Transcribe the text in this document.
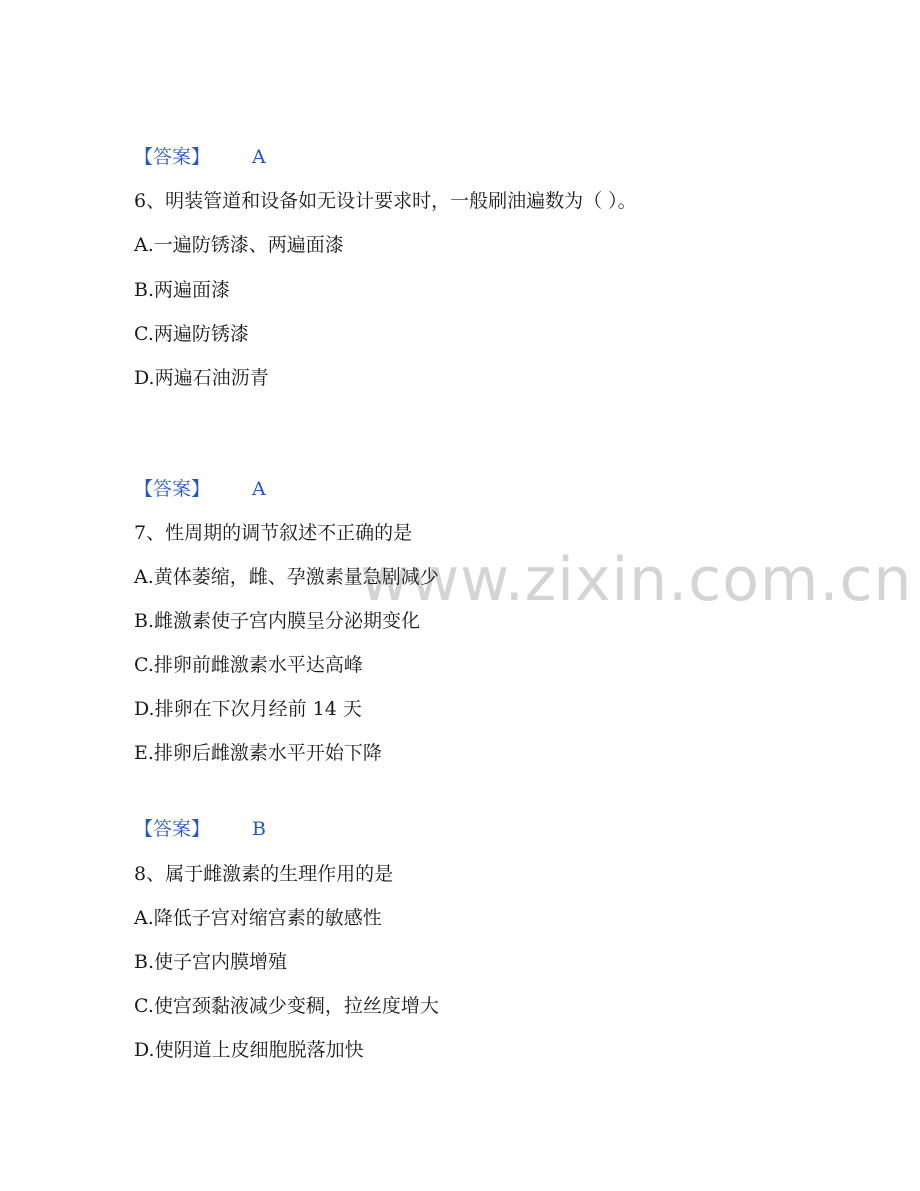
www.zixin.com.cn
【答案】 A
6、明装管道和设备如无设计要求时，一般刷油遍数为（ ）。
A.一遍防锈漆、两遍面漆
B.两遍面漆
C.两遍防锈漆
D.两遍石油沥青
【答案】 A
7、性周期的调节叙述不正确的是
A.黄体萎缩，雌、孕激素量急剧减少
B.雌激素使子宫内膜呈分泌期变化
C.排卵前雌激素水平达高峰
D.排卵在下次月经前 14 天
E.排卵后雌激素水平开始下降
【答案】 B
8、属于雌激素的生理作用的是
A.降低子宫对缩宫素的敏感性
B.使子宫内膜增殖
C.使宫颈黏液减少变稠，拉丝度增大
D.使阴道上皮细胞脱落加快
